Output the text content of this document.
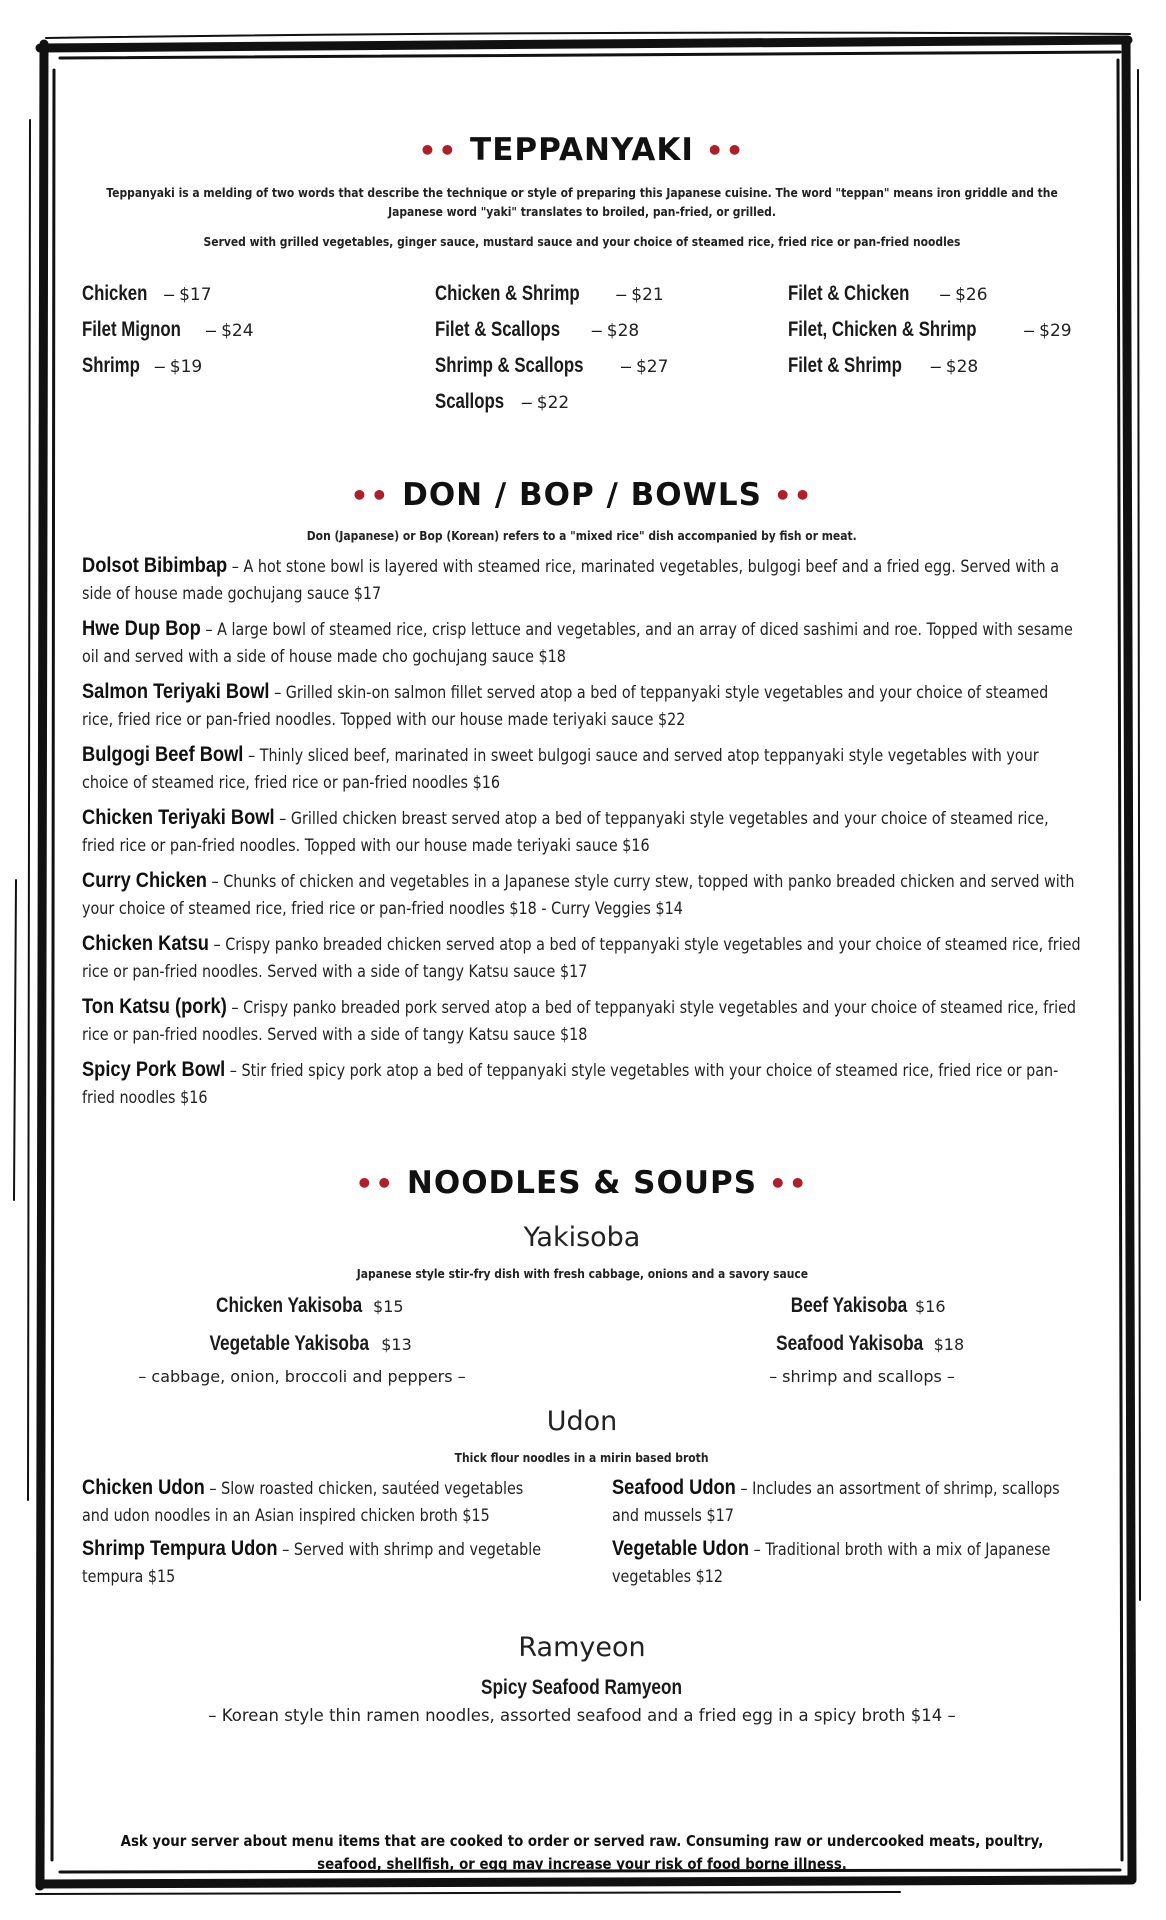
•• TEPPANYAKI ••
Teppanyaki is a melding of two words that describe the technique or style of preparing this Japanese cuisine. The word "teppan" means iron griddle and the Japanese word "yaki" translates to broiled, pan-fried, or grilled.
Served with grilled vegetables, ginger sauce, mustard sauce and your choice of steamed rice, fried rice or pan-fried noodles
Chicken – $17
Filet Mignon – $24
Shrimp – $19
Chicken & Shrimp – $21
Filet & Scallops – $28
Shrimp & Scallops – $27
Scallops – $22
Filet & Chicken – $26
Filet, Chicken & Shrimp – $29
Filet & Shrimp – $28
•• DON / BOP / BOWLS ••
Don (Japanese) or Bop (Korean) refers to a "mixed rice" dish accompanied by fish or meat.
Dolsot Bibimbap – A hot stone bowl is layered with steamed rice, marinated vegetables, bulgogi beef and a fried egg. Served with a side of house made gochujang sauce $17
Hwe Dup Bop – A large bowl of steamed rice, crisp lettuce and vegetables, and an array of diced sashimi and roe. Topped with sesame oil and served with a side of house made cho gochujang sauce $18
Salmon Teriyaki Bowl – Grilled skin-on salmon fillet served atop a bed of teppanyaki style vegetables and your choice of steamed rice, fried rice or pan-fried noodles. Topped with our house made teriyaki sauce $22
Bulgogi Beef Bowl – Thinly sliced beef, marinated in sweet bulgogi sauce and served atop teppanyaki style vegetables with your choice of steamed rice, fried rice or pan-fried noodles $16
Chicken Teriyaki Bowl – Grilled chicken breast served atop a bed of teppanyaki style vegetables and your choice of steamed rice, fried rice or pan-fried noodles. Topped with our house made teriyaki sauce $16
Curry Chicken – Chunks of chicken and vegetables in a Japanese style curry stew, topped with panko breaded chicken and served with your choice of steamed rice, fried rice or pan-fried noodles $18 - Curry Veggies $14
Chicken Katsu – Crispy panko breaded chicken served atop a bed of teppanyaki style vegetables and your choice of steamed rice, fried rice or pan-fried noodles. Served with a side of tangy Katsu sauce $17
Ton Katsu (pork) – Crispy panko breaded pork served atop a bed of teppanyaki style vegetables and your choice of steamed rice, fried rice or pan-fried noodles. Served with a side of tangy Katsu sauce $18
Spicy Pork Bowl – Stir fried spicy pork atop a bed of teppanyaki style vegetables with your choice of steamed rice, fried rice or pan-fried noodles $16
•• NOODLES & SOUPS ••
Yakisoba
Japanese style stir-fry dish with fresh cabbage, onions and a savory sauce
Chicken Yakisoba $15
Vegetable Yakisoba $13
– cabbage, onion, broccoli and peppers –
Beef Yakisoba $16
Seafood Yakisoba $18
– shrimp and scallops –
Udon
Thick flour noodles in a mirin based broth
Chicken Udon – Slow roasted chicken, sautéed vegetables and udon noodles in an Asian inspired chicken broth $15
Shrimp Tempura Udon – Served with shrimp and vegetable tempura $15
Seafood Udon – Includes an assortment of shrimp, scallops and mussels $17
Vegetable Udon – Traditional broth with a mix of Japanese vegetables $12
Ramyeon
Spicy Seafood Ramyeon
– Korean style thin ramen noodles, assorted seafood and a fried egg in a spicy broth $14 –
Ask your server about menu items that are cooked to order or served raw. Consuming raw or undercooked meats, poultry, seafood, shellfish, or egg may increase your risk of food borne illness.
